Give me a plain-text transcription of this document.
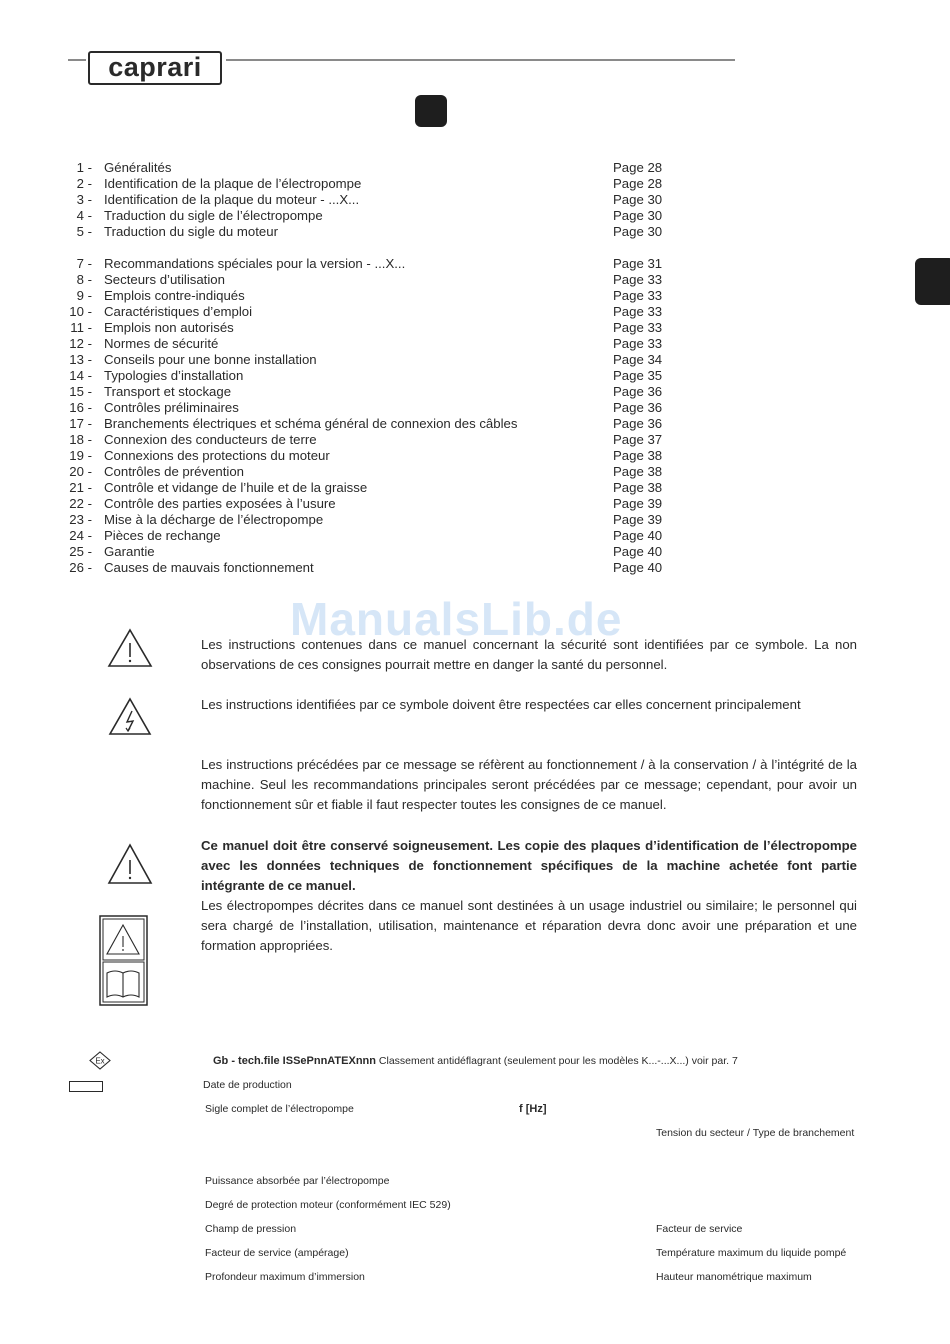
caprari
1 - Généralités	Page 28
2 - Identification de la plaque de l’électropompe	Page 28
3 - Identification de la plaque du moteur - ...X...	Page 30
4 - Traduction du sigle de l’électropompe	Page 30
5 - Traduction du sigle du moteur	Page 30
7 - Recommandations spéciales pour la version - ...X...	Page 31
8 - Secteurs d’utilisation	Page 33
9 - Emplois contre-indiqués	Page 33
10 - Caractéristiques d’emploi	Page 33
11 - Emplois non autorisés	Page 33
12 - Normes de sécurité	Page 33
13 - Conseils pour une bonne installation	Page 34
14 - Typologies d’installation	Page 35
15 - Transport et stockage	Page 36
16 - Contrôles préliminaires	Page 36
17 - Branchements électriques et schéma général de connexion des câbles	Page 36
18 - Connexion des conducteurs de terre	Page 37
19 - Connexions des protections du moteur	Page 38
20 - Contrôles de prévention	Page 38
21 - Contrôle et vidange de l’huile et de la graisse	Page 38
22 - Contrôle des parties exposées à l’usure	Page 39
23 - Mise à la décharge de l’électropompe	Page 39
24 - Pièces de rechange	Page 40
25 - Garantie	Page 40
26 - Causes de mauvais fonctionnement	Page 40
ManualsLib.de
Les instructions contenues dans ce manuel concernant la sécurité sont identifiées par ce symbole. La non observations de ces consignes pourrait mettre en danger la santé du personnel.
Les instructions identifiées par ce symbole doivent être respectées car elles concernent principalement
Les instructions précédées par ce message se réfèrent au fonctionnement / à la conservation / à l’intégrité de la machine. Seul les recommandations principales seront précédées par ce message; cependant, pour avoir un fonctionnement sûr et fiable il faut respecter toutes les consignes de ce manuel.
Ce manuel doit être conservé soigneusement. Les copie des plaques d’identification de l’électropompe avec les données techniques de fonctionnement spécifiques de la machine achetée font partie intégrante de ce manuel.
Les électropompes décrites dans ce manuel sont destinées à un usage industriel ou similaire; le personnel qui sera chargé de l’installation, utilisation, maintenance et réparation devra donc avoir une préparation et une formation appropriées.
Ex	Gb - tech.file ISSePnnATEXnnn Classement antidéflagrant (seulement pour les modèles K...-...X...) voir par. 7
Date de production
Sigle complet de l’électropompe	f [Hz]
Tension du secteur / Type de branchement
Puissance absorbée par l’électropompe
Degré de protection moteur (conformément IEC 529)
Champ de pression	Facteur de service
Facteur de service (ampérage)	Température maximum du liquide pompé
Profondeur maximum d’immersion	Hauteur manométrique maximum
